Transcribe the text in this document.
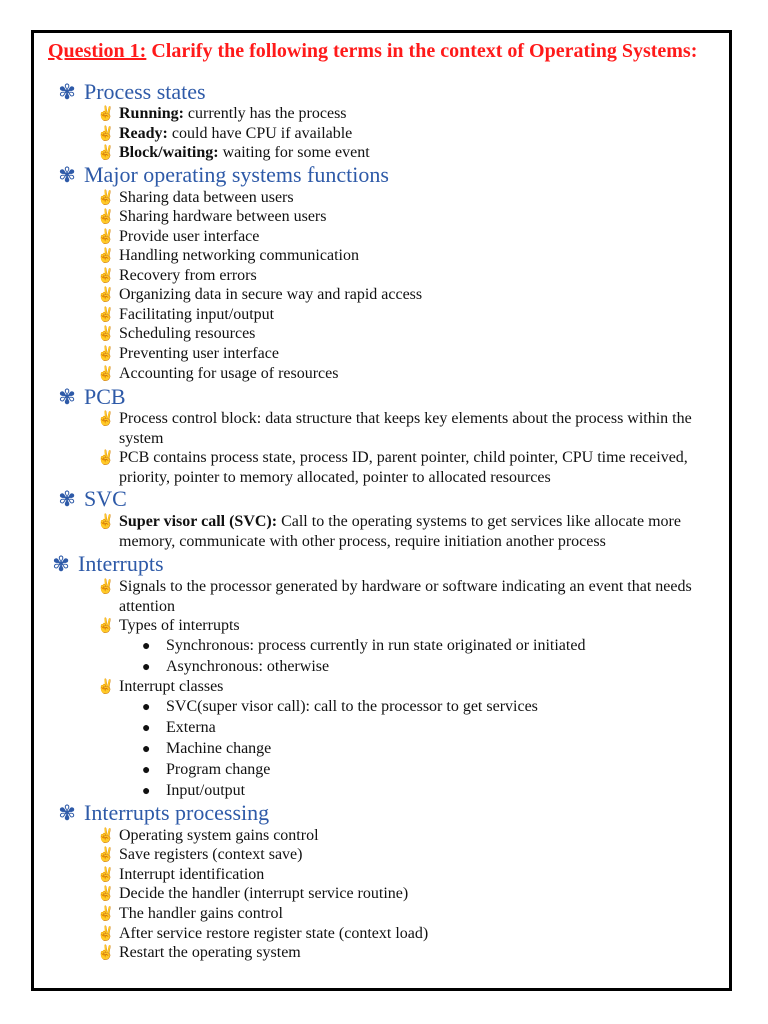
Question 1: Clarify the following terms in the context of Operating Systems:
✾ Process states
✌ Running: currently has the process
✌ Ready: could have CPU if available
✌ Block/waiting: waiting for some event
✾ Major operating systems functions
✌ Sharing data between users
✌ Sharing hardware between users
✌ Provide user interface
✌ Handling networking communication
✌ Recovery from errors
✌ Organizing data in secure way and rapid access
✌ Facilitating input/output
✌ Scheduling resources
✌ Preventing user interface
✌ Accounting for usage of resources
✾ PCB
✌ Process control block: data structure that keeps key elements about the process within the system
✌ PCB contains process state, process ID, parent pointer, child pointer, CPU time received, priority, pointer to memory allocated, pointer to allocated resources
✾ SVC
✌ Super visor call (SVC): Call to the operating systems to get services like allocate more memory, communicate with other process, require initiation another process
✾ Interrupts
✌ Signals to the processor generated by hardware or software indicating an event that needs attention
✌ Types of interrupts
● Synchronous: process currently in run state originated or initiated
● Asynchronous: otherwise
✌ Interrupt classes
● SVC(super visor call): call to the processor to get services
● Externa
● Machine change
● Program change
● Input/output
✾ Interrupts processing
✌ Operating system gains control
✌ Save registers (context save)
✌ Interrupt identification
✌ Decide the handler (interrupt service routine)
✌ The handler gains control
✌ After service restore register state (context load)
✌ Restart the operating system
